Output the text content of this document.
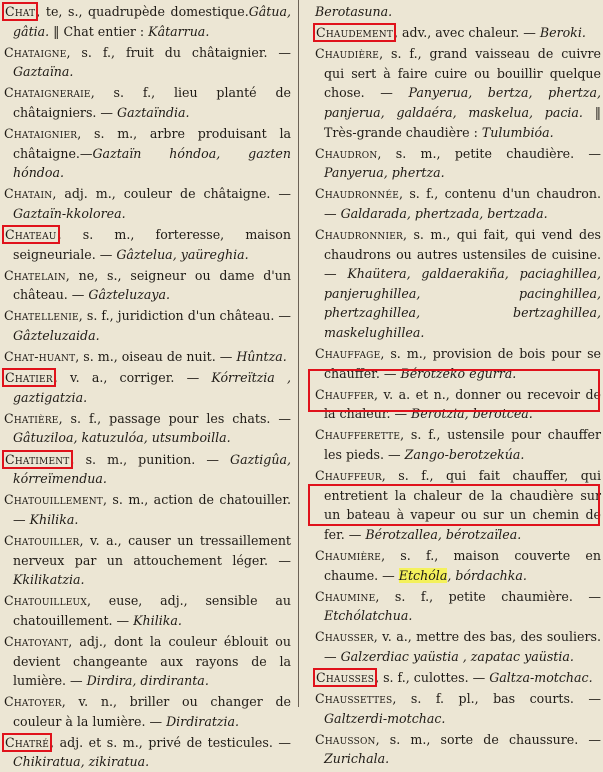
Chat, te, s., quadrupède domestique.Gâtua, gâtia. ‖ Chat entier : Kâtarrua.

Chataigne, s. f., fruit du châtaignier. — Gaztaïna.

Chataigneraie, s. f., lieu planté de châtaigniers. — Gaztaïndia.

Chataignier, s. m., arbre produisant la châtaigne.—Gaztaïn hóndoa, gazten hóndoa.

Chatain, adj. m., couleur de châtaigne. — Gaztaïn-kkolorea.

Chateau, s. m., forteresse, maison seigneuriale. — Gâztelua, yaüreghia.

Chatelain, ne, s., seigneur ou dame d'un château. — Gâzteluzaya.

Chatellenie, s. f., juridiction d'un château. — Gâzteluzaida.

Chat-huant, s. m., oiseau de nuit. — Hûntza.

Chatier, v. a., corriger. — Kórreïtzia , gaztigatzia.

Chatière, s. f., passage pour les chats. — Gâtuziloa, katuzulóa, utsumboilla.

Chatiment, s. m., punition. — Gaztigûa, kórreïmendua.

Chatouillement, s. m., action de chatouiller. — Khilika.

Chatouiller, v. a., causer un tressaillement nerveux par un attouchement léger. — Kkilikatzia.

Chatouilleux, euse, adj., sensible au chatouillement. — Khilika.

Chatoyant, adj., dont la couleur éblouit ou devient changeante aux rayons de la lumière. — Dirdira, dirdiranta.

Chatoyer, v. n., briller ou changer de couleur à la lumière. — Dirdiratzia.

Chatré, adj. et s. m., privé de testicules. — Chikiratua, zikiratua.

Berotasuna.

Chaudement, adv., avec chaleur. — Beroki.

Chaudière, s. f., grand vaisseau de cuivre qui sert à faire cuire ou bouillir quelque chose. — Panyerua, bertza, phertza, panjerua, galdaéra, maskelua, pacia. ‖ Très-grande chaudière : Tulumbióa.

Chaudron, s. m., petite chaudière. — Panyerua, phertza.

Chaudronnée, s. f., contenu d'un chaudron. — Galdarada, phertzada, bertzada.

Chaudronnier, s. m., qui fait, qui vend des chaudrons ou autres ustensiles de cuisine. — Khaütera, galdaerakiña, paciaghillea, panjerughillea, pacinghillea, phertzaghillea, bertzaghillea, maskelughillea.

Chauffage, s. m., provision de bois pour se chauffer. — Bérotzeko egurra.

Chauffer, v. a. et n., donner ou recevoir de la chaleur. — Berotzia, berotcea.

Chaufferette, s. f., ustensile pour chauffer les pieds. — Zango-berotzekúa.

Chauffeur, s. f., qui fait chauffer, qui entretient la chaleur de la chaudière sur un bateau à vapeur ou sur un chemin de fer. — Bérotzallea, bérotzaïlea.

Chaumière, s. f., maison couverte en chaume. — Etchóla, bórdachka.

Chaumine, s. f., petite chaumière. — Etchólatchua.

Chausser, v. a., mettre des bas, des souliers. — Galzerdiac yaüstia , zapatac yaüstia.

Chausses, s. f., culottes. — Galtza-motchac.

Chaussettes, s. f. pl., bas courts. — Galtzerdi-motchac.

Chausson, s. m., sorte de chaussure. — Zurichala.
